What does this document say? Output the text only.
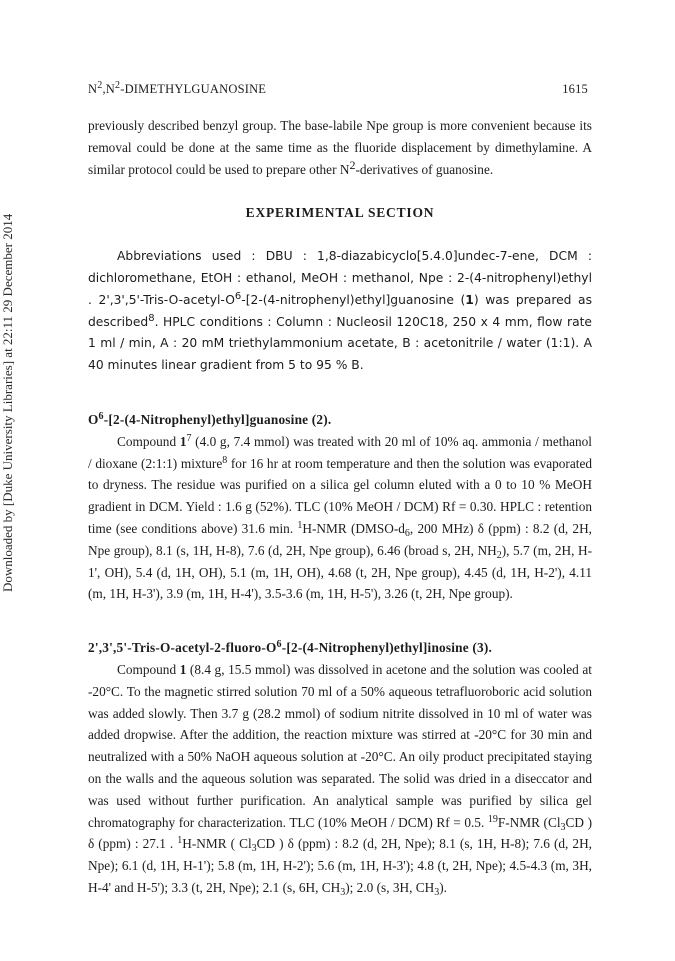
$N^2,N^2$-DIMETHYLGUANOSINE	1615
Downloaded by [Duke University Libraries] at 22:11 29 December 2014

previously described benzyl group. The base-labile Npe group is more convenient because its removal could be done at the same time as the fluoride displacement by dimethylamine. A similar protocol could be used to prepare other N2-derivatives of guanosine.

EXPERIMENTAL SECTION

Abbreviations used : DBU : 1,8-diazabicyclo[5.4.0]undec-7-ene, DCM : dichloromethane, EtOH : ethanol, MeOH : methanol, Npe : 2-(4-nitrophenyl)ethyl . $2',3',5'-Tris-O-acetyl-O^6-[2-(4-nitrophenyl)ethyl]guanosine$ (1) was prepared as described$^8$. HPLC conditions : Column : Nucleosil 120C18, 250 x 4 mm, flow rate 1 ml / min, A : 20 mM triethylammonium acetate, B : acetonitrile / water (1:1). A 40 minutes linear gradient from 5 to 95 % B.

$O^6-[2-(4-Nitrophenyl)ethyl]guanosine$ (2).

Compound $1^7$ (4.0 g, 7.4 mmol) was treated with 20 ml of 10% aq. ammonia / methanol / dioxane (2:1:1) mixture$^8$ for 16 hr at room temperature and then the solution was evaporated to dryness. The residue was purified on a silica gel column eluted with a 0 to 10 % MeOH gradient in DCM. Yield : 1.6 g (52%). TLC (10% MeOH / DCM) Rf = 0.30. HPLC : retention time (see conditions above) 31.6 min. $^1$H-NMR ($DMSO-d_6$, 200 MHz) δ (ppm) : 8.2 (d, 2H, Npe group), 8.1 (s, 1H, H-8), 7.6 (d, 2H, Npe group), 6.46 (broad s, 2H, $NH_2$), 5.7 (m, 2H, H-1', OH), 5.4 (d, 1H, OH), 5.1 (m, 1H, OH), 4.68 (t, 2H, Npe group), 4.45 (d, 1H, H-2'), 4.11 (m, 1H, H-3'), 3.9 (m, 1H, H-4'), 3.5-3.6 (m, 1H, H-5'), 3.26 (t, 2H, Npe group).

$2',3',5'-Tris-O-acetyl-2-fluoro-O^6-[2-(4-Nitrophenyl)ethyl]inosine$ (3).

Compound 1 (8.4 g, 15.5 mmol) was dissolved in acetone and the solution was cooled at -20°C. To the magnetic stirred solution 70 ml of a 50% aqueous tetrafluoroboric acid solution was added slowly. Then 3.7 g (28.2 mmol) of sodium nitrite dissolved in 10 ml of water was added dropwise. After the addition, the reaction mixture was stirred at -20°C for 30 min and neutralized with a 50% NaOH aqueous solution at -20°C. An oily product precipitated staying on the walls and the aqueous solution was separated. The solid was dried in a diseccator and was used without further purification. An analytical sample was purified by silica gel chromatography for characterization. TLC (10% MeOH / DCM) Rf = 0.5. $^{19}$F-NMR ($Cl_3CD$ ) δ (ppm) : 27.1 . $^1$H-NMR ( $Cl_3CD$ ) δ (ppm) : 8.2 (d, 2H, Npe); 8.1 (s, 1H, H-8); 7.6 (d, 2H, Npe); 6.1 (d, 1H, H-1'); 5.8 (m, 1H, H-2'); 5.6 (m, 1H, H-3'); 4.8 (t, 2H, Npe); 4.5-4.3 (m, 3H, H-4' and H-5'); 3.3 (t, 2H, Npe); 2.1 (s, 6H, $CH_3$); 2.0 (s, 3H, $CH_3$).
